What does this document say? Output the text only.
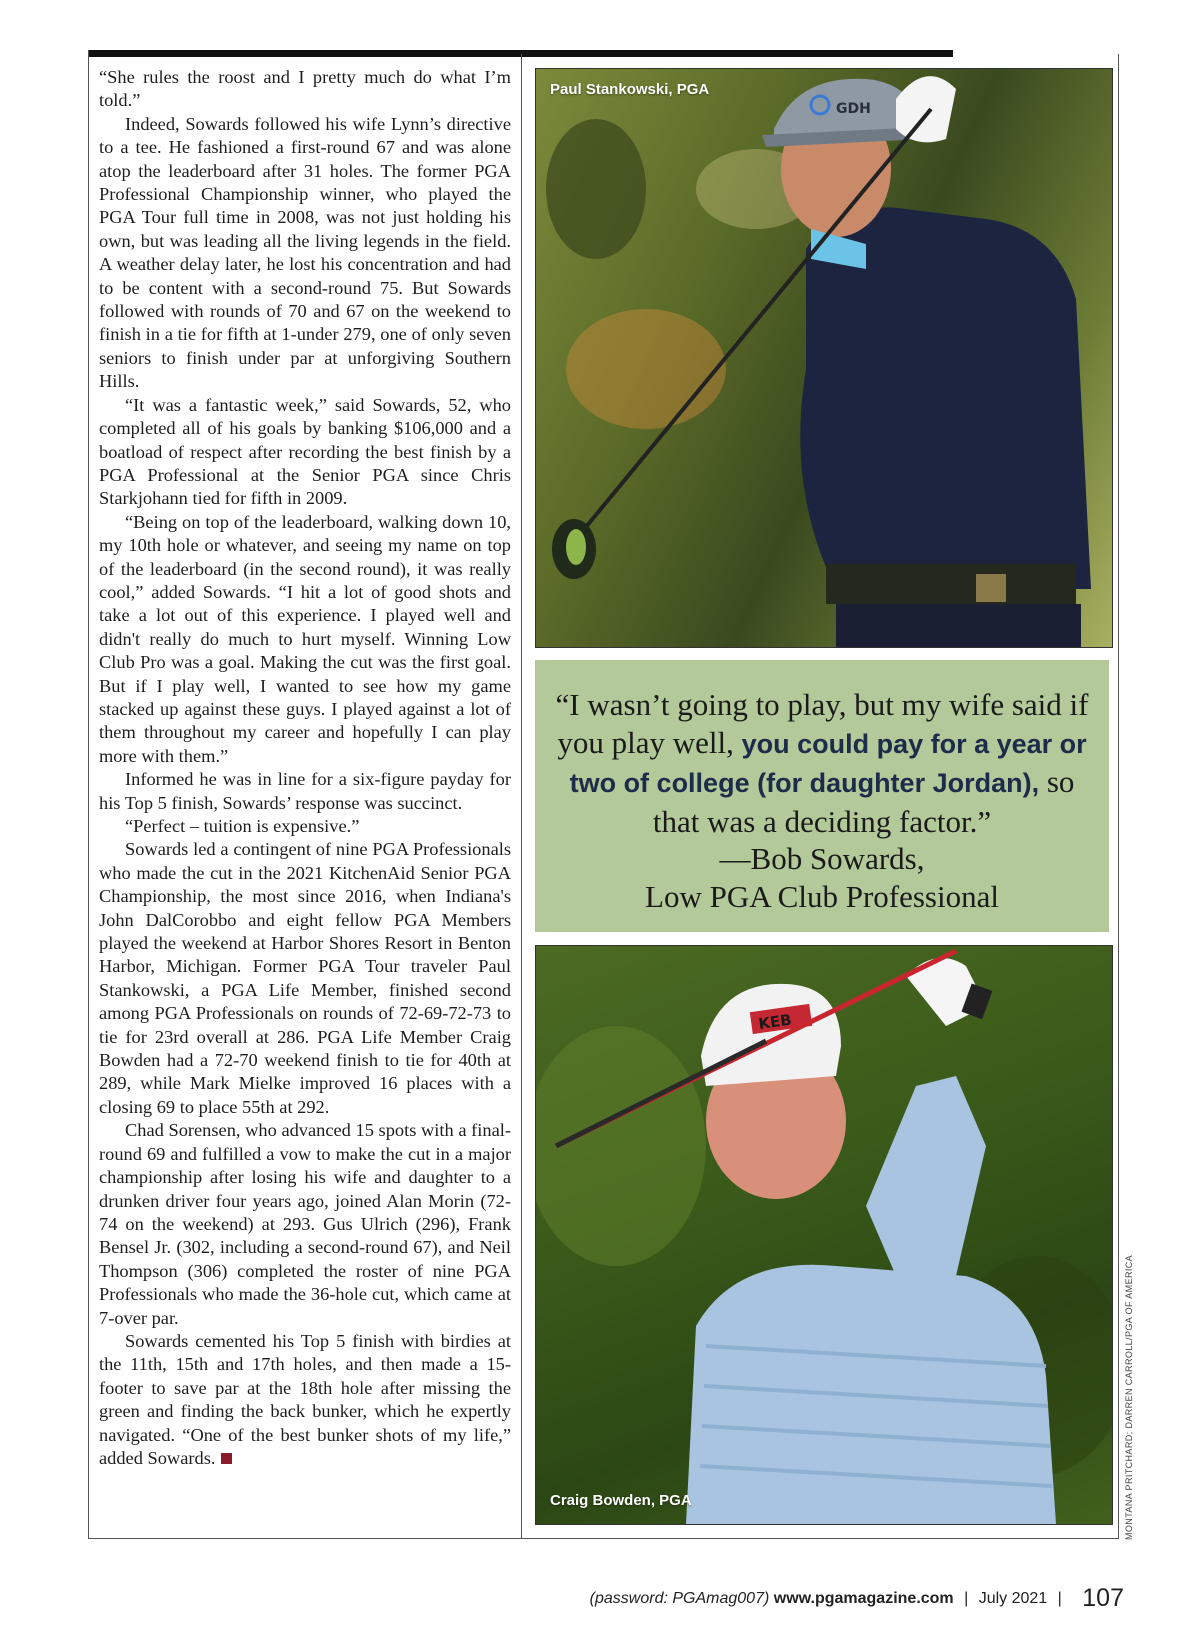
“She rules the roost and I pretty much do what I’m told.”

Indeed, Sowards followed his wife Lynn’s directive to a tee. He fashioned a first-round 67 and was alone atop the leaderboard after 31 holes. The former PGA Professional Championship winner, who played the PGA Tour full time in 2008, was not just holding his own, but was leading all the living legends in the field. A weather delay later, he lost his concentration and had to be content with a second-round 75. But Sowards followed with rounds of 70 and 67 on the weekend to finish in a tie for fifth at 1-under 279, one of only seven seniors to finish under par at unforgiving Southern Hills.

“It was a fantastic week,” said Sowards, 52, who completed all of his goals by banking $106,000 and a boatload of respect after recording the best finish by a PGA Professional at the Senior PGA since Chris Starkjohann tied for fifth in 2009.

“Being on top of the leaderboard, walking down 10, my 10th hole or whatever, and seeing my name on top of the leaderboard (in the second round), it was really cool,” added Sowards. “I hit a lot of good shots and take a lot out of this experience. I played well and didn't really do much to hurt myself. Winning Low Club Pro was a goal. Making the cut was the first goal. But if I play well, I wanted to see how my game stacked up against these guys. I played against a lot of them throughout my career and hopefully I can play more with them.”

Informed he was in line for a six-figure payday for his Top 5 finish, Sowards’ response was succinct.

“Perfect – tuition is expensive.”

Sowards led a contingent of nine PGA Professionals who made the cut in the 2021 KitchenAid Senior PGA Championship, the most since 2016, when Indiana's John DalCorobbo and eight fellow PGA Members played the weekend at Harbor Shores Resort in Benton Harbor, Michigan. Former PGA Tour traveler Paul Stankowski, a PGA Life Member, finished second among PGA Professionals on rounds of 72-69-72-73 to tie for 23rd overall at 286. PGA Life Member Craig Bowden had a 72-70 weekend finish to tie for 40th at 289, while Mark Mielke improved 16 places with a closing 69 to place 55th at 292.

Chad Sorensen, who advanced 15 spots with a final-round 69 and fulfilled a vow to make the cut in a major championship after losing his wife and daughter to a drunken driver four years ago, joined Alan Morin (72-74 on the weekend) at 293. Gus Ulrich (296), Frank Bensel Jr. (302, including a second-round 67), and Neil Thompson (306) completed the roster of nine PGA Professionals who made the 36-hole cut, which came at 7-over par.

Sowards cemented his Top 5 finish with birdies at the 11th, 15th and 17th holes, and then made a 15-footer to save par at the 18th hole after missing the green and finding the back bunker, which he expertly navigated. “One of the best bunker shots of my life,” added Sowards.

GDH
Paul Stankowski, PGA
“I wasn’t going to play, but my wife said if you play well, you could pay for a year or two of college (for daughter Jordan), so that was a deciding factor.”
—Bob Sowards,
Low PGA Club Professional
KEB
Craig Bowden, PGA	MONTANA PRITCHARD; DARREN CARROLL/PGA OF AMERICA
(password: PGAmag007) www.pgamagazine.com | July 2021 | 107
